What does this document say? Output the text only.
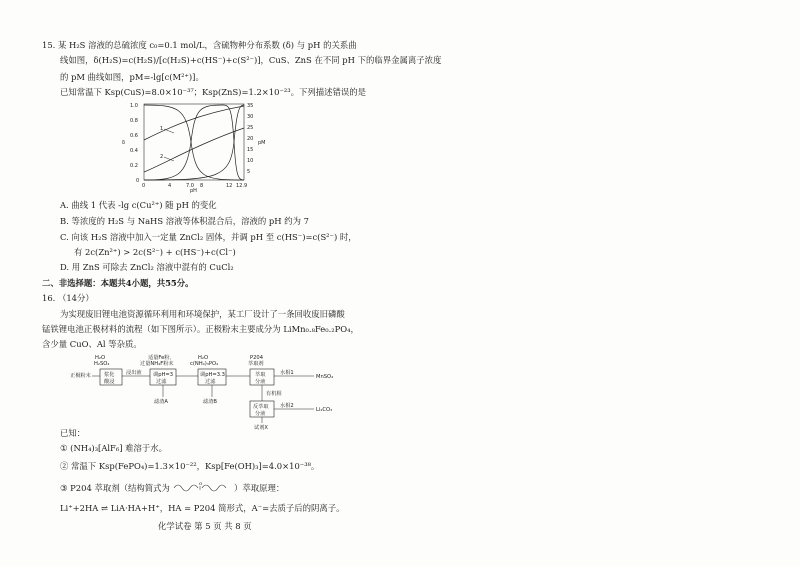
15. 某 H₂S 溶液的总硫浓度 c₀=0.1 mol/L，含硫物种分布系数 (δ) 与 pH 的关系曲
线如图，δ(H₂S)=c(H₂S)/[c(H₂S)+c(HS⁻)+c(S²⁻)]，CuS、ZnS 在不同 pH 下的临界金属离子浓度
的 pM 曲线如图，pM=-lg[c(M²⁺)]。
已知常温下 Ksp(CuS)=8.0×10⁻³⁷；Ksp(ZnS)=1.2×10⁻²³。下列描述错误的是
1.0
0.8
0.6
0.4
0.2
0
δ
35
30
25
20
15
10
5
pM
0	4	7.0 8	12 12.9
pH
1
2
A. 曲线 1 代表 -lg c(Cu²⁺) 随 pH 的变化
B. 等浓度的 H₂S 与 NaHS 溶液等体积混合后，溶液的 pH 约为 7
C. 向该 H₂S 溶液中加入一定量 ZnCl₂ 固体，并调 pH 至 c(HS⁻)=c(S²⁻) 时，
有 2c(Zn²⁺) > 2c(S²⁻) + c(HS⁻)+c(Cl⁻)
D. 用 ZnS 可除去 ZnCl₂ 溶液中混有的 CuCl₂
二、非选择题：本题共4小题，共55分。
16. （14分）
为实现废旧锂电池资源循环利用和环境保护，某工厂设计了一条回收废旧磷酸
锰铁锂电池正极材料的流程（如下图所示）。正极粉末主要成分为 LiMn₀.₈Fe₀.₂PO₄，
含少量 CuO、Al 等杂质。
H₂O
H₂SO₄
适量Fe粉、
过量NH₄F粉末
H₂O
c(NH₄)₃PO₄
P204
萃取剂
正极粉末	浆化
酸浸
浸出液 调pH=3
过滤
滤渣A
调pH=3.3
过滤
滤渣B
萃取
分液
水相1
MnSO₄
有机相
反萃取
分液
水相2
Li₂CO₃
试剂X
已知：
① (NH₄)₃[AlF₆] 难溶于水。
② 常温下 Ksp(FePO₄)=1.3×10⁻²²，Ksp[Fe(OH)₃]=4.0×10⁻³⁸。
③ P204 萃取剂（结构简式为	O	）萃取原理：
Li⁺+2HA ⇌ LiA·HA+H⁺，HA = P204 简形式，A⁻=去质子后的阴离子。
化学试卷 第 5 页 共 8 页
